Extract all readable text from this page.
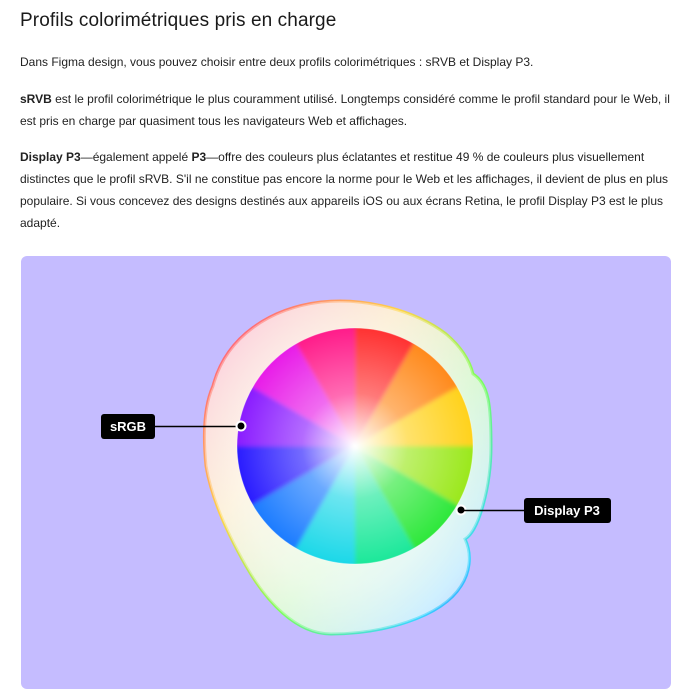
Profils colorimétriques pris en charge

Dans Figma design, vous pouvez choisir entre deux profils colorimétriques : sRVB et Display P3.

sRVB est le profil colorimétrique le plus couramment utilisé. Longtemps considéré comme le profil standard pour le Web, il est pris en charge par quasiment tous les navigateurs Web et affichages.

Display P3—également appelé P3—offre des couleurs plus éclatantes et restitue 49 % de couleurs plus visuellement distinctes que le profil sRVB. S'il ne constitue pas encore la norme pour le Web et les affichages, il devient de plus en plus populaire. Si vous concevez des designs destinés aux appareils iOS ou aux écrans Retina, le profil Display P3 est le plus adapté.

sRGB
Display P3
